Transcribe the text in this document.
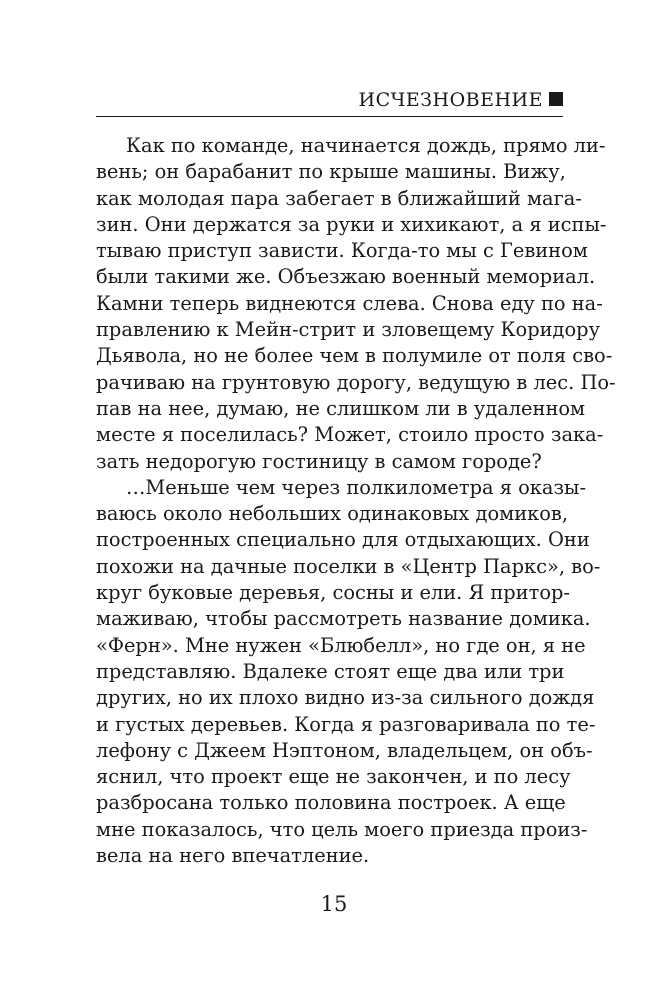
ИСЧЕЗНОВЕНИЕ
Как по команде, начинается дождь, прямо ли-
вень; он барабанит по крыше машины. Вижу,
как молодая пара забегает в ближайший мага-
зин. Они держатся за руки и хихикают, а я испы-
тываю приступ зависти. Когда-то мы с Гевином
были такими же. Объезжаю военный мемориал.
Камни теперь виднеются слева. Снова еду по на-
правлению к Мейн-стрит и зловещему Коридору
Дьявола, но не более чем в полумиле от поля сво-
рачиваю на грунтовую дорогу, ведущую в лес. По-
пав на нее, думаю, не слишком ли в удаленном
месте я поселилась? Может, стоило просто зака-
зать недорогую гостиницу в самом городе?
…Меньше чем через полкилометра я оказы-
ваюсь около небольших одинаковых домиков,
построенных специально для отдыхающих. Они
похожи на дачные поселки в «Центр Паркс», во-
круг буковые деревья, сосны и ели. Я притор-
маживаю, чтобы рассмотреть название домика.
«Ферн». Мне нужен «Блюбелл», но где он, я не
представляю. Вдалеке стоят еще два или три
других, но их плохо видно из-за сильного дождя
и густых деревьев. Когда я разговаривала по те-
лефону с Джеем Нэптоном, владельцем, он объ-
яснил, что проект еще не закончен, и по лесу
разбросана только половина построек. А еще
мне показалось, что цель моего приезда произ-
вела на него впечатление.
15
